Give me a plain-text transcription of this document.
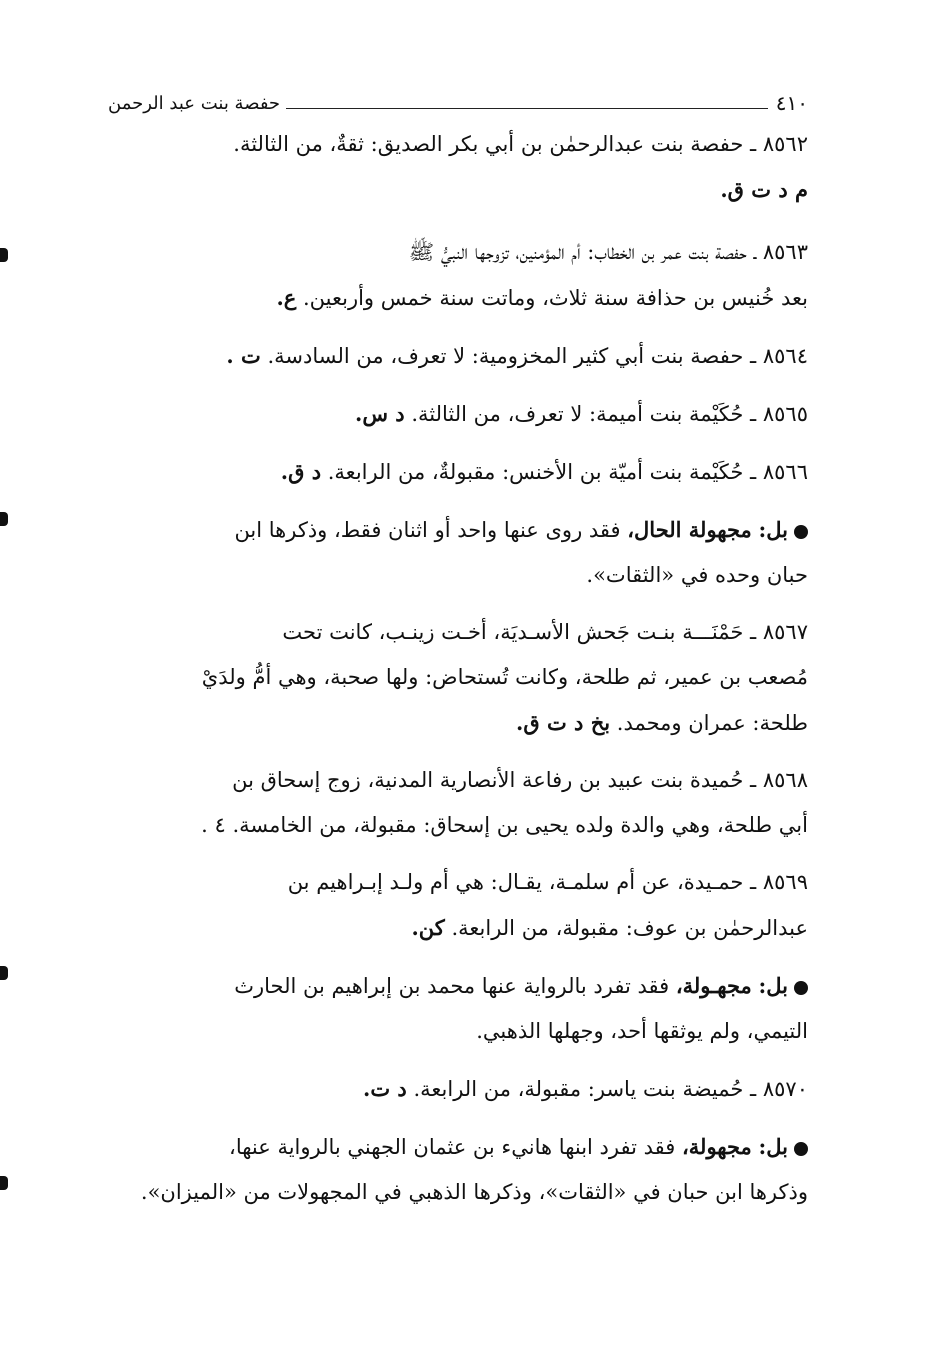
٤١٠
حفصة بنت عبد الرحمن
٨٥٦٢ ـ حفصة بنت عبدالرحمٰن بن أبي بكر الصديق: ثقةٌ، من الثالثة.
م د ت ق.
٨٥٦٣ ـ حفصة بنت عمر بن الخطاب: أم المؤمنين، تزوجها النبيُّ ﷺ
بعد خُنيس بن حذافة سنة ثلاث، وماتت سنة خمس وأربعين. ع.
٨٥٦٤ ـ حفصة بنت أبي كثير المخزومية: لا تعرف، من السادسة. ت .
٨٥٦٥ ـ حُكَيْمة بنت أميمة: لا تعرف، من الثالثة. د س.
٨٥٦٦ ـ حُكَيْمة بنت أميّة بن الأخنس: مقبولةٌ، من الرابعة. د ق.
بل: مجهولة الحال، فقد روى عنها واحد أو اثنان فقط، وذكرها ابن
حبان وحده في «الثقات».
٨٥٦٧ ـ حَمْنَـــة بنـت جَحش الأسـديَة، أخـت زينـب، كانت تحت
مُصعب بن عمير، ثم طلحة، وكانت تُستحاض: ولها صحبة، وهي أمُّ ولدَيْ
طلحة: عمران ومحمد. بخ د ت ق.
٨٥٦٨ ـ حُميدة بنت عبيد بن رفاعة الأنصارية المدنية، زوج إسحاق بن
أبي طلحة، وهي والدة ولده يحيى بن إسحاق: مقبولة، من الخامسة. ٤ .
٨٥٦٩ ـ حمـيدة، عن أم سلمـة، يقـال: هي أم ولـد إبـراهيم بن
عبدالرحمٰن بن عوف: مقبولة، من الرابعة. كن.
بل: مجهـولة، فقد تفرد بالرواية عنها محمد بن إبراهيم بن الحارث
التيمي، ولم يوثقها أحد، وجهلها الذهبي.
٨٥٧٠ ـ حُميضة بنت ياسر: مقبولة، من الرابعة. د ت.
بل: مجهولة، فقد تفرد ابنها هانيء بن عثمان الجهني بالرواية عنها،
وذكرها ابن حبان في «الثقات»، وذكرها الذهبي في المجهولات من «الميزان».
